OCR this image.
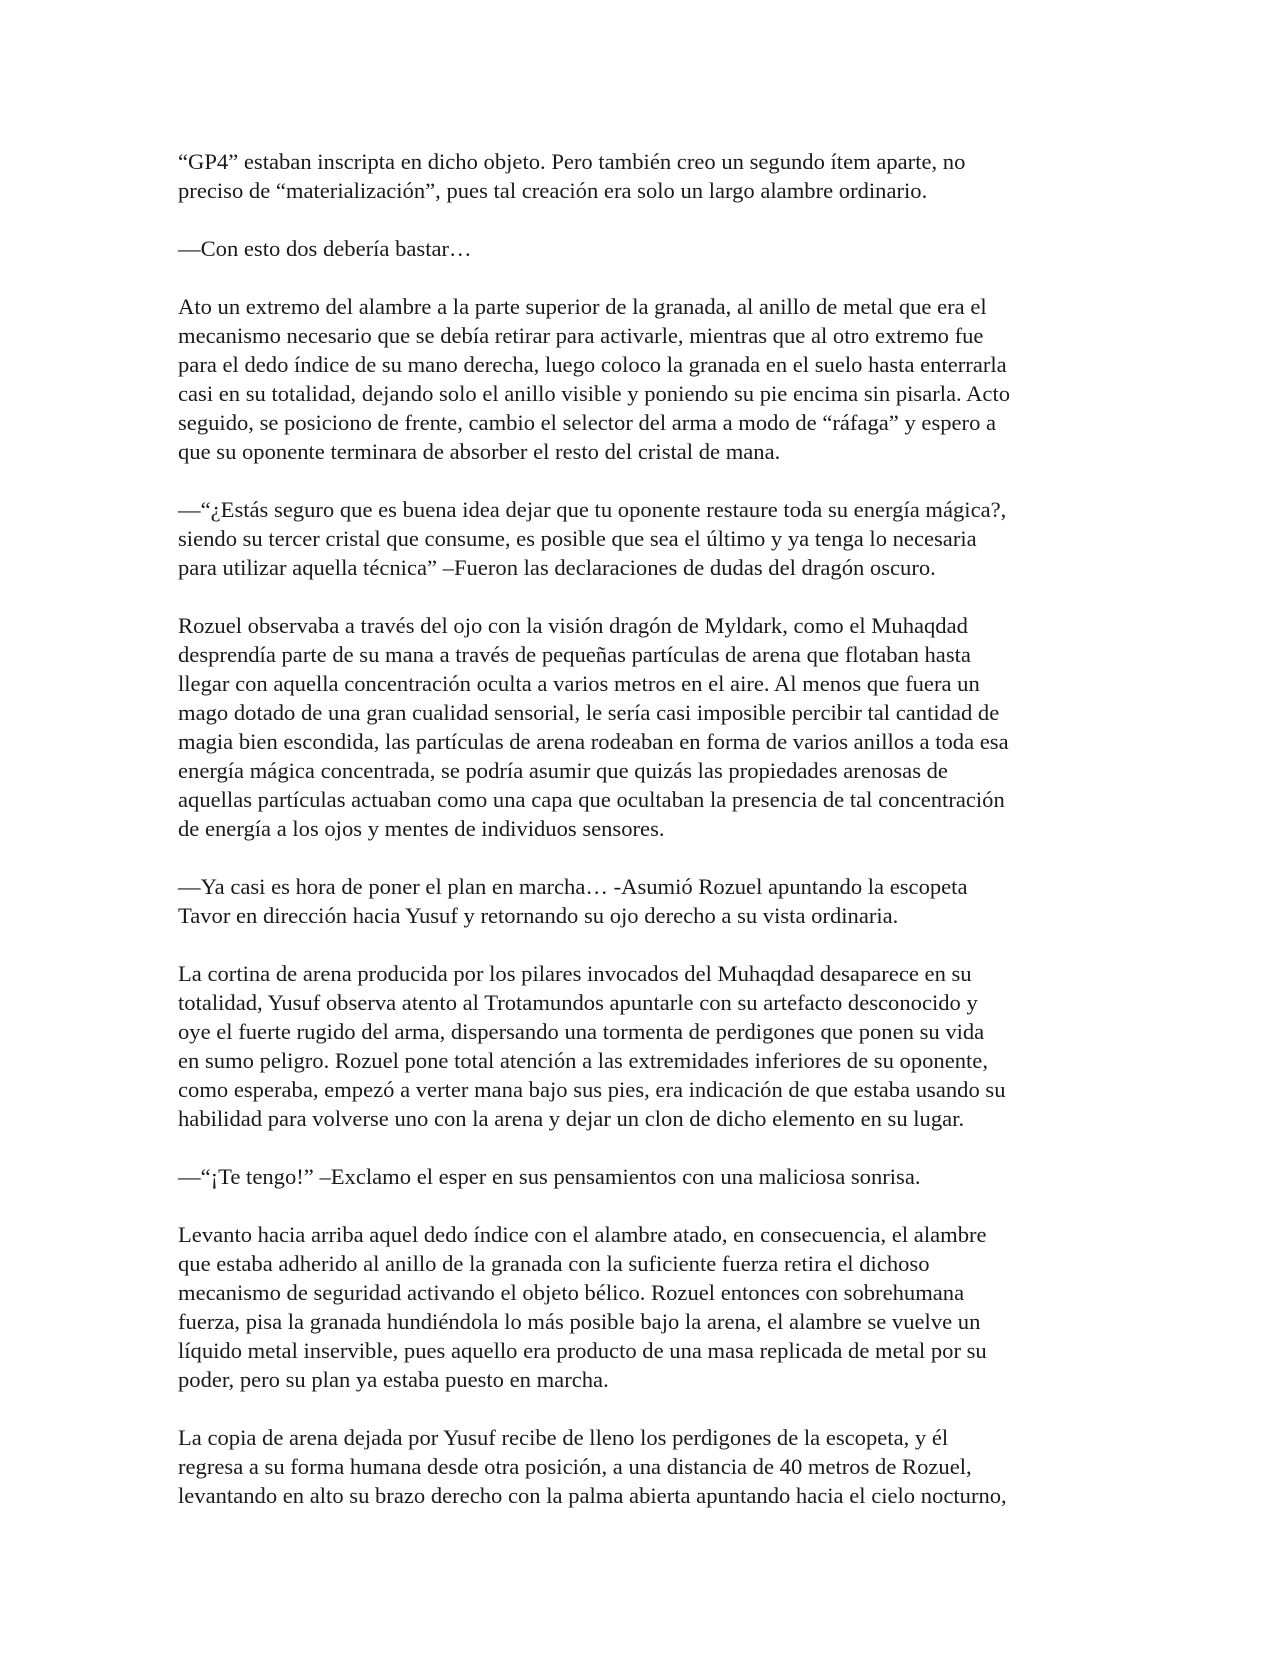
“GP4” estaban inscripta en dicho objeto. Pero también creo un segundo ítem aparte, no
preciso de “materialización”, pues tal creación era solo un largo alambre ordinario.

—Con esto dos debería bastar…

Ato un extremo del alambre a la parte superior de la granada, al anillo de metal que era el
mecanismo necesario que se debía retirar para activarle, mientras que al otro extremo fue
para el dedo índice de su mano derecha, luego coloco la granada en el suelo hasta enterrarla
casi en su totalidad, dejando solo el anillo visible y poniendo su pie encima sin pisarla. Acto
seguido, se posiciono de frente, cambio el selector del arma a modo de “ráfaga” y espero a
que su oponente terminara de absorber el resto del cristal de mana.

—“¿Estás seguro que es buena idea dejar que tu oponente restaure toda su energía mágica?,
siendo su tercer cristal que consume, es posible que sea el último y ya tenga lo necesaria
para utilizar aquella técnica” –Fueron las declaraciones de dudas del dragón oscuro.

Rozuel observaba a través del ojo con la visión dragón de Myldark, como el Muhaqdad
desprendía parte de su mana a través de pequeñas partículas de arena que flotaban hasta
llegar con aquella concentración oculta a varios metros en el aire. Al menos que fuera un
mago dotado de una gran cualidad sensorial, le sería casi imposible percibir tal cantidad de
magia bien escondida, las partículas de arena rodeaban en forma de varios anillos a toda esa
energía mágica concentrada, se podría asumir que quizás las propiedades arenosas de
aquellas partículas actuaban como una capa que ocultaban la presencia de tal concentración
de energía a los ojos y mentes de individuos sensores.

—Ya casi es hora de poner el plan en marcha… -Asumió Rozuel apuntando la escopeta
Tavor en dirección hacia Yusuf y retornando su ojo derecho a su vista ordinaria.

La cortina de arena producida por los pilares invocados del Muhaqdad desaparece en su
totalidad, Yusuf observa atento al Trotamundos apuntarle con su artefacto desconocido y
oye el fuerte rugido del arma, dispersando una tormenta de perdigones que ponen su vida
en sumo peligro. Rozuel pone total atención a las extremidades inferiores de su oponente,
como esperaba, empezó a verter mana bajo sus pies, era indicación de que estaba usando su
habilidad para volverse uno con la arena y dejar un clon de dicho elemento en su lugar.

—“¡Te tengo!” –Exclamo el esper en sus pensamientos con una maliciosa sonrisa.

Levanto hacia arriba aquel dedo índice con el alambre atado, en consecuencia, el alambre
que estaba adherido al anillo de la granada con la suficiente fuerza retira el dichoso
mecanismo de seguridad activando el objeto bélico. Rozuel entonces con sobrehumana
fuerza, pisa la granada hundiéndola lo más posible bajo la arena, el alambre se vuelve un
líquido metal inservible, pues aquello era producto de una masa replicada de metal por su
poder, pero su plan ya estaba puesto en marcha.

La copia de arena dejada por Yusuf recibe de lleno los perdigones de la escopeta, y él
regresa a su forma humana desde otra posición, a una distancia de 40 metros de Rozuel,
levantando en alto su brazo derecho con la palma abierta apuntando hacia el cielo nocturno,
